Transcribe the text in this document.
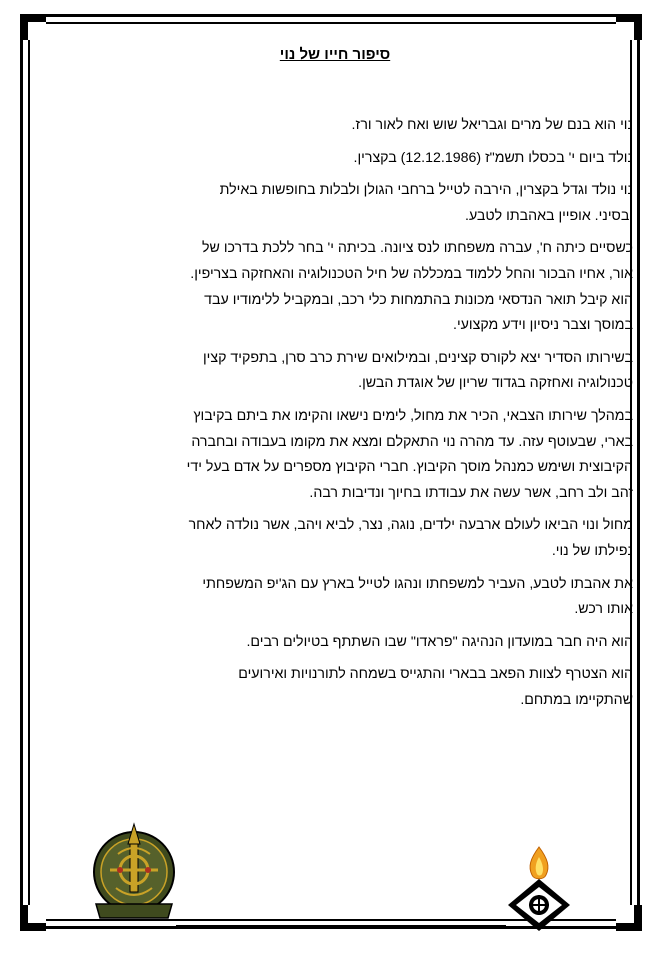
סיפור חייו של נוי
נוי הוא בנם של מרים וגבריאל שוש ואח לאור ורז.
נולד ביום י' בכסלו תשמ"ז (12.12.1986) בקצרין.
נוי נולד וגדל בקצרין, הירבה לטייל ברחבי הגולן ולבלות בחופשות באילת
ובסיני. אופיין באהבתו לטבע.
כשסיים כיתה ח', עברה משפחתו לנס ציונה. בכיתה י' בחר ללכת בדרכו של
אור, אחיו הבכור והחל ללמוד במכללה של חיל הטכנולוגיה והאחזקה בצריפין.
הוא קיבל תואר הנדסאי מכונות בהתמחות כלי רכב, ובמקביל ללימודיו עבד
במוסך וצבר ניסיון וידע מקצועי.
בשירותו הסדיר יצא לקורס קצינים, ובמילואים שירת כרב סרן, בתפקיד קצין
טכנולוגיה ואחזקה בגדוד שריון של אוגדת הבשן.
במהלך שירותו הצבאי, הכיר את מחול, לימים נישאו והקימו את ביתם בקיבוץ
בארי, שבעוטף עזה. עד מהרה נוי התאקלם ומצא את מקומו בעבודה ובחברה
הקיבוצית ושימש כמנהל מוסך הקיבוץ. חברי הקיבוץ מספרים על אדם בעל ידי
זהב ולב רחב, אשר עשה את עבודתו בחיוך ונדיבות רבה.
מחול ונוי הביאו לעולם ארבעה ילדים, נוגה, נצר, לביא ויהב, אשר נולדה לאחר
נפילתו של נוי.
את אהבתו לטבע, העביר למשפחתו ונהגו לטייל בארץ עם הג'יפ המשפחתי
אותו רכש.
הוא היה חבר במועדון הנהיגה "פראדו" שבו השתתף בטיולים רבים.
הוא הצטרף לצוות הפאב בבארי והתגייס בשמחה לתורנויות ואירועים
שהתקיימו במתחם.
